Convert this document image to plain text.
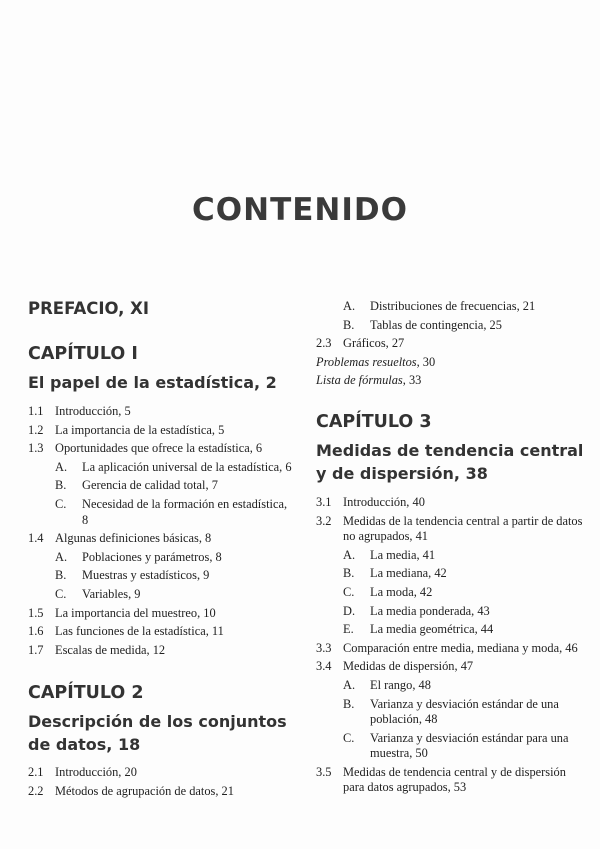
CONTENIDO

PREFACIO, XI

CAPÍTULO I

El papel de la estadística, 2

1.1 Introducción, 5
1.2 La importancia de la estadística, 5
1.3 Oportunidades que ofrece la estadística, 6
A. La aplicación universal de la estadística, 6
B. Gerencia de calidad total, 7
C. Necesidad de la formación en estadística, 8
1.4 Algunas definiciones básicas, 8
A. Poblaciones y parámetros, 8
B. Muestras y estadísticos, 9
C. Variables, 9
1.5 La importancia del muestreo, 10
1.6 Las funciones de la estadística, 11
1.7 Escalas de medida, 12

CAPÍTULO 2

Descripción de los conjuntos

de datos, 18

2.1 Introducción, 20
2.2 Métodos de agrupación de datos, 21
A. Distribuciones de frecuencias, 21
B. Tablas de contingencia, 25
2.3 Gráficos, 27
Problemas resueltos, 30
Lista de fórmulas, 33

CAPÍTULO 3

Medidas de tendencia central

y de dispersión, 38

3.1 Introducción, 40
3.2 Medidas de la tendencia central a partir de datos no agrupados, 41
A. La media, 41
B. La mediana, 42
C. La moda, 42
D. La media ponderada, 43
E. La media geométrica, 44
3.3 Comparación entre media, mediana y moda, 46
3.4 Medidas de dispersión, 47
A. El rango, 48
B. Varianza y desviación estándar de una población, 48
C. Varianza y desviación estándar para una muestra, 50
3.5 Medidas de tendencia central y de dispersión para datos agrupados, 53
